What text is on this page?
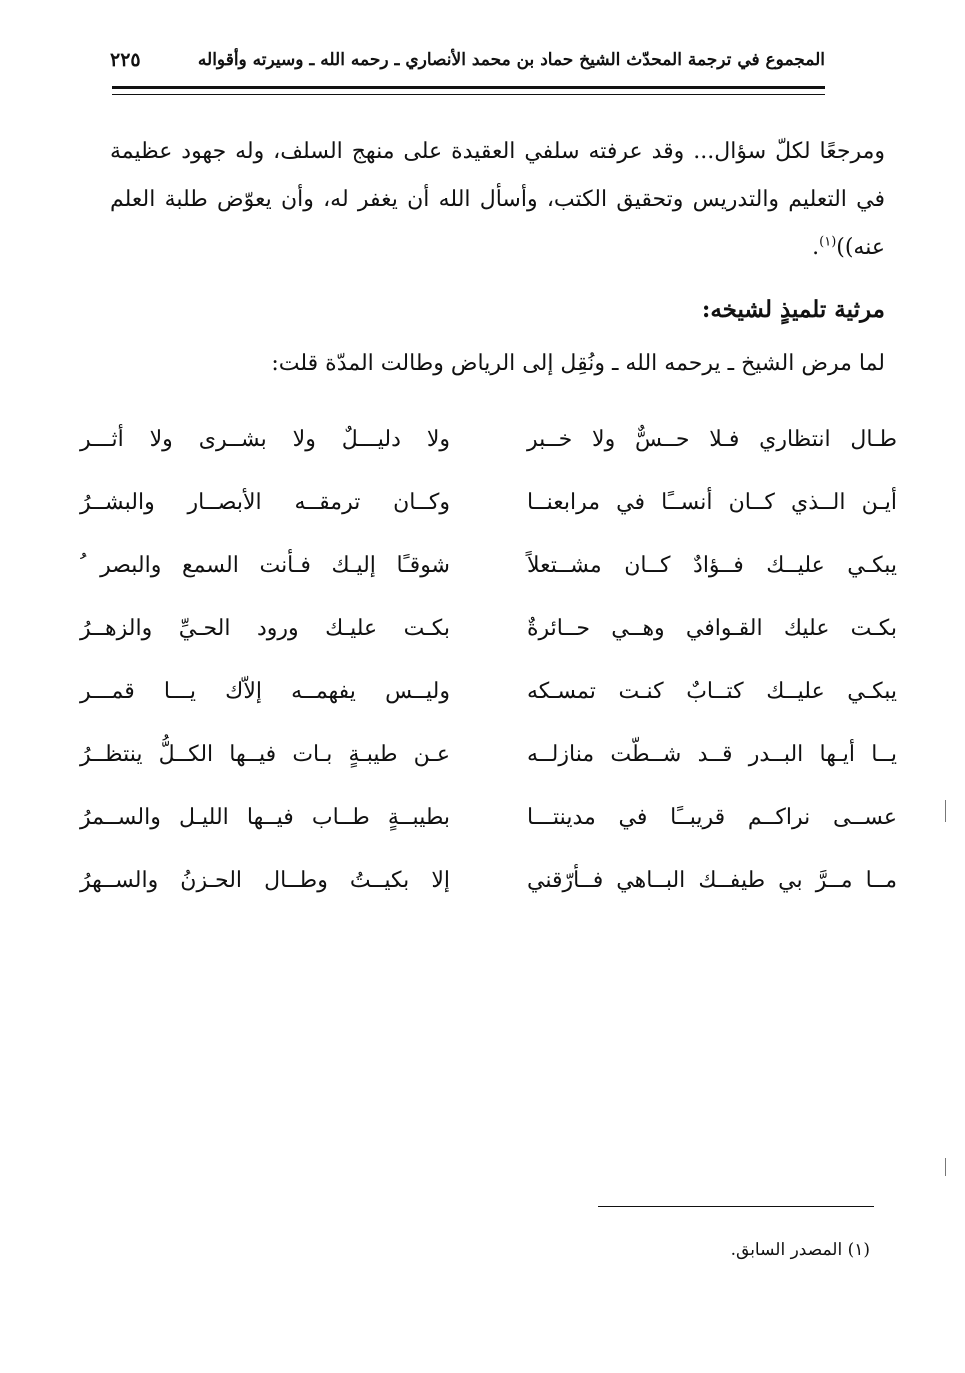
المجموع في ترجمة المحدّث الشيخ حماد بن محمد الأنصاري ـ رحمه الله ـ وسيرته وأقواله
٢٢٥

ومرجعًا لكلّ سؤال... وقد عرفته سلفي العقيدة على منهج السلف، وله جهود عظيمة في التعليم والتدريس وتحقيق الكتب، وأسأل الله أن يغفر له، وأن يعوّض طلبة العلم عنه))$^{(١)}$.

مرثية تلميذٍ لشيخه:

لما مرض الشيخ ـ يرحمه الله ـ ونُقِل إلى الرياض وطالت المدّة قلت:

طـال انتظاري فـلا حــسٌّ ولا خــبر
ولا دليـــلٌ ولا بشــرى ولا أثـــر
أيـن الــذي كــان أنســًا في مرابعنــا
وكــان ترمقــه الأبصــار والبشــرُ
يبكـي عليــك فــؤادٌ كــان مشــتعلاً
شوقـًا إليـك فـأنت السمع والبصر ُ
بكـت عليك القـوافي وهــي حــائرةٌ
بكـت عليـك ورود الحـيِّ والزهــرُ
يبكـي عليــك كتــابٌ كنـت تمسـكه
وليــس يفهمــه إلاّك يـــا قمـــر
يــا أيـها البــدر قــد شــطّت منازلــه
عـن طيبـةٍ بـات فيــها الكــلُّ ينتظــرُ
عســى نراكــم قريبــًا في مدينتـــا
بطيبــةٍ طــاب فيــها الليـل والســمرُ
مــا مــرَّ بي طيفــك البــاهي فــأرّقني
إلا بكيــتُ وطــال الحـزنُ والســهرُ
(١) المصدر السابق.
